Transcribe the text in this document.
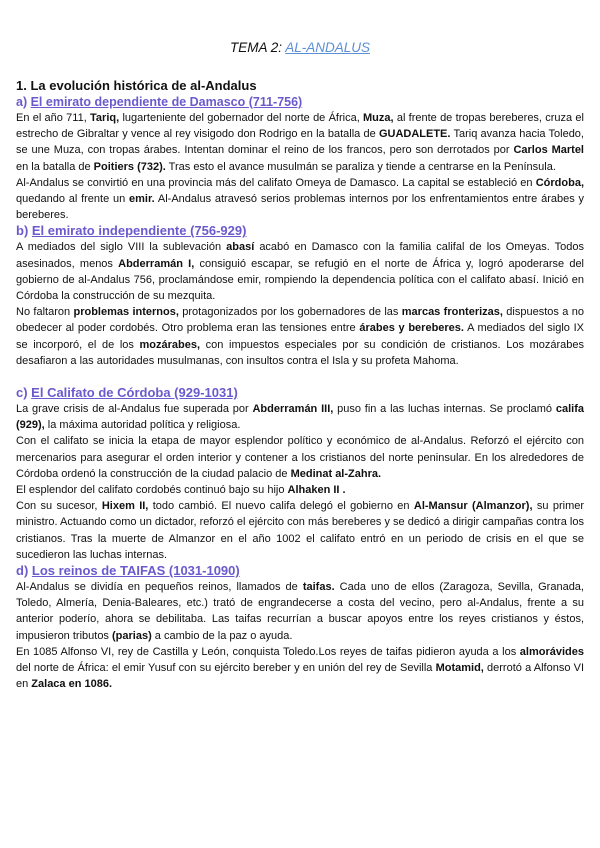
TEMA 2: AL-ANDALUS
1. La evolución histórica de al-Andalus
a) El emirato dependiente de Damasco (711-756)

En el año 711, Tariq, lugarteniente del gobernador del norte de África, Muza, al frente de tropas bereberes, cruza el estrecho de Gibraltar y vence al rey visigodo don Rodrigo en la batalla de GUADALETE. Tariq avanza hacia Toledo, se une Muza, con tropas árabes. Intentan dominar el reino de los francos, pero son derrotados por Carlos Martel en la batalla de Poitiers (732). Tras esto el avance musulmán se paraliza y tiende a centrarse en la Península.

Al-Andalus se convirtió en una provincia más del califato Omeya de Damasco. La capital se estableció en Córdoba, quedando al frente un emir. Al-Andalus atravesó serios problemas internos por los enfrentamientos entre árabes y bereberes.

b) El emirato independiente (756-929)

A mediados del siglo VIII la sublevación abasí acabó en Damasco con la familia califal de los Omeyas. Todos asesinados, menos Abderramán I, consiguió escapar, se refugió en el norte de África y, logró apoderarse del gobierno de al-Andalus 756, proclamándose emir, rompiendo la dependencia política con el califato abasí. Inició en Córdoba la construcción de su mezquita.

No faltaron problemas internos, protagonizados por los gobernadores de las marcas fronterizas, dispuestos a no obedecer al poder cordobés. Otro problema eran las tensiones entre árabes y bereberes. A mediados del siglo IX se incorporó, el de los mozárabes, con impuestos especiales por su condición de cristianos. Los mozárabes desafiaron a las autoridades musulmanas, con insultos contra el Isla y su profeta Mahoma.

c) El Califato de Córdoba (929-1031)

La grave crisis de al-Andalus fue superada por Abderramán III, puso fin a las luchas internas. Se proclamó califa (929), la máxima autoridad política y religiosa.

Con el califato se inicia la etapa de mayor esplendor político y económico de al-Andalus. Reforzó el ejército con mercenarios para asegurar el orden interior y contener a los cristianos del norte peninsular. En los alrededores de Córdoba ordenó la construcción de la ciudad palacio de Medinat al-Zahra.

El esplendor del califato cordobés continuó bajo su hijo Alhaken II .

Con su sucesor, Hixem II, todo cambió. El nuevo califa delegó el gobierno en Al-Mansur (Almanzor), su primer ministro. Actuando como un dictador, reforzó el ejército con más bereberes y se dedicó a dirigir campañas contra los cristianos. Tras la muerte de Almanzor en el año 1002 el califato entró en un periodo de crisis en el que se sucedieron las luchas internas.

d) Los reinos de TAIFAS (1031-1090)

Al-Andalus se dividía en pequeños reinos, llamados de taifas. Cada uno de ellos (Zaragoza, Sevilla, Granada, Toledo, Almería, Denia-Baleares, etc.) trató de engrandecerse a costa del vecino, pero al-Andalus, frente a su anterior poderío, ahora se debilitaba. Las taifas recurrían a buscar apoyos entre los reyes cristianos y éstos, impusieron tributos (parias) a cambio de la paz o ayuda.

En 1085 Alfonso VI, rey de Castilla y León, conquista Toledo.Los reyes de taifas pidieron ayuda a los almorávides del norte de África: el emir Yusuf con su ejército bereber y en unión del rey de Sevilla Motamid, derrotó a Alfonso VI en Zalaca en 1086.
